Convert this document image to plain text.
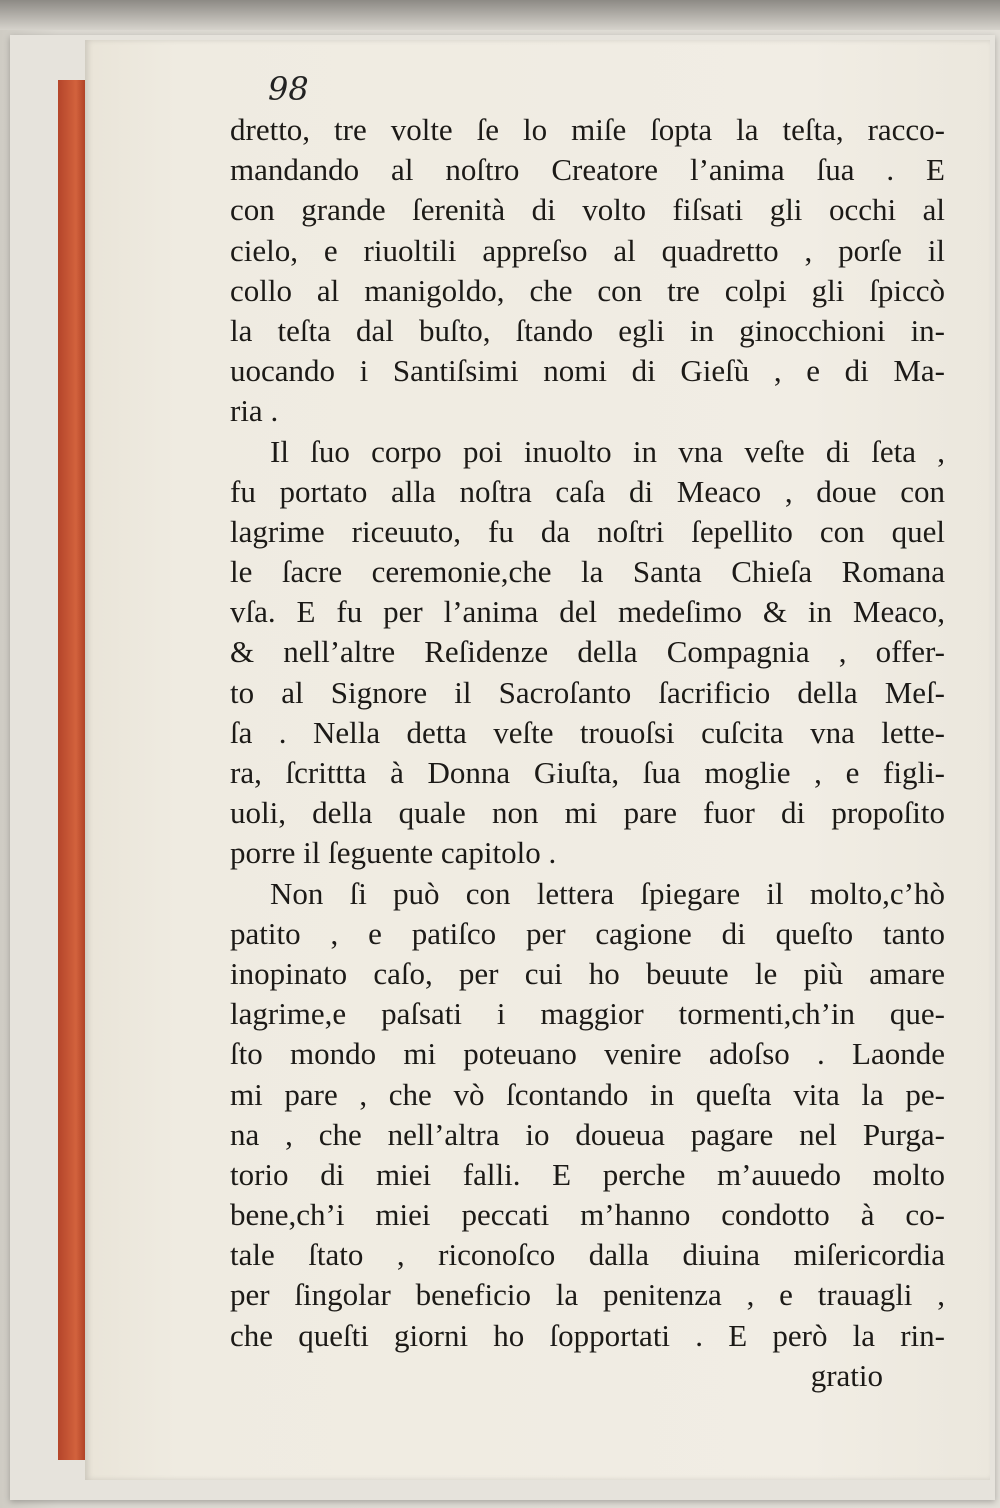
98
dretto, tre volte ſe lo miſe ſopta la teſta, racco-
mandando al noſtro Creatore l’anima ſua . E
con grande ſerenità di volto fiſsati gli occhi al
cielo, e riuoltili appreſso al quadretto , porſe il
collo al manigoldo, che con tre colpi gli ſpiccò
la teſta dal buſto, ſtando egli in ginocchioni in-
uocando i Santiſsimi nomi di Gieſù , e di Ma-
ria .
Il ſuo corpo poi inuolto in vna veſte di ſeta ,
fu portato alla noſtra caſa di Meaco , doue con
lagrime riceuuto, fu da noſtri ſepellito con quel
le ſacre ceremonie,che la Santa Chieſa Romana
vſa. E fu per l’anima del medeſimo & in Meaco,
& nell’altre Reſidenze della Compagnia , offer-
to al Signore il Sacroſanto ſacrificio della Meſ-
ſa . Nella detta veſte trouoſsi cuſcita vna lette-
ra, ſcrittta à Donna Giuſta, ſua moglie , e figli-
uoli, della quale non mi pare fuor di propoſito
porre il ſeguente capitolo .
Non ſi può con lettera ſpiegare il molto,c’hò
patito , e patiſco per cagione di queſto tanto
inopinato caſo, per cui ho beuute le più amare
lagrime,e paſsati i maggior tormenti,ch’in que-
ſto mondo mi poteuano venire adoſso . Laonde
mi pare , che vò ſcontando in queſta vita la pe-
na , che nell’altra io doueua pagare nel Purga-
torio di miei falli. E perche m’auuedo molto
bene,ch’i miei peccati m’hanno condotto à co-
tale ſtato , riconoſco dalla diuina miſericordia
per ſingolar beneficio la penitenza , e trauagli ,
che queſti giorni ho ſopportati . E però la rin-
gratio
